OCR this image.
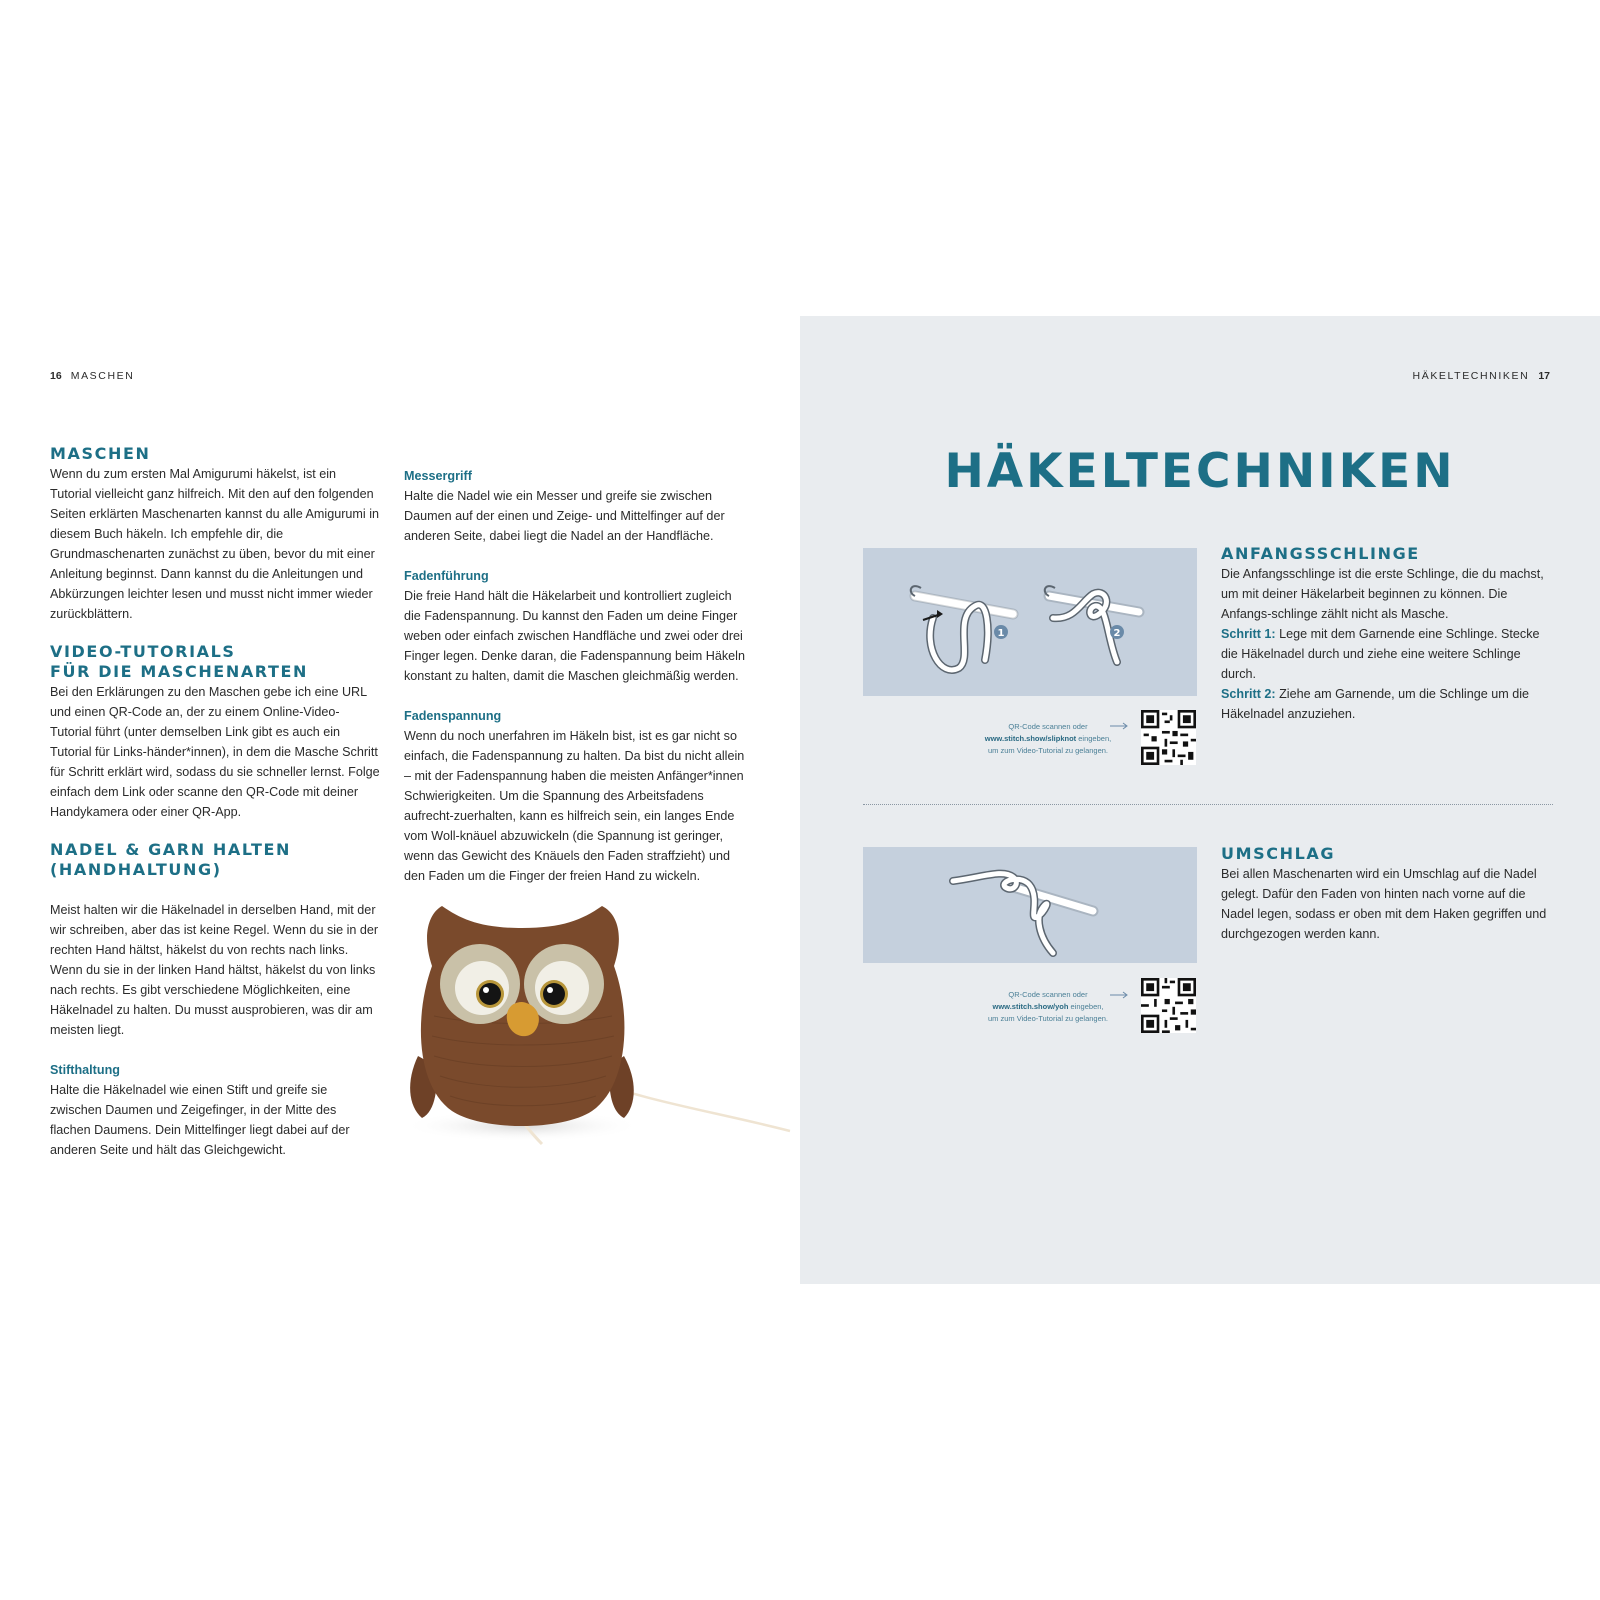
16 MASCHEN
MASCHEN

Wenn du zum ersten Mal Amigurumi häkelst, ist ein Tutorial vielleicht ganz hilfreich. Mit den auf den folgenden Seiten erklärten Maschenarten kannst du alle Amigurumi in diesem Buch häkeln. Ich empfehle dir, die Grundmaschenarten zunächst zu üben, bevor du mit einer Anleitung beginnst. Dann kannst du die Anleitungen und Abkürzungen leichter lesen und musst nicht immer wieder zurückblättern.

VIDEO-TUTORIALS
FÜR DIE MASCHENARTEN

Bei den Erklärungen zu den Maschen gebe ich eine URL und einen QR-Code an, der zu einem Online-Video-Tutorial führt (unter demselben Link gibt es auch ein Tutorial für Links-händer*innen), in dem die Masche Schritt für Schritt erklärt wird, sodass du sie schneller lernst. Folge einfach dem Link oder scanne den QR-Code mit deiner Handykamera oder einer QR-App.

NADEL & GARN HALTEN
(HANDHALTUNG)

Meist halten wir die Häkelnadel in derselben Hand, mit der wir schreiben, aber das ist keine Regel. Wenn du sie in der rechten Hand hältst, häkelst du von rechts nach links. Wenn du sie in der linken Hand hältst, häkelst du von links nach rechts. Es gibt verschiedene Möglichkeiten, eine Häkelnadel zu halten. Du musst ausprobieren, was dir am meisten liegt.

Stifthaltung

Halte die Häkelnadel wie einen Stift und greife sie zwischen Daumen und Zeigefinger, in der Mitte des flachen Daumens. Dein Mittelfinger liegt dabei auf der anderen Seite und hält das Gleichgewicht.

Messergriff

Halte die Nadel wie ein Messer und greife sie zwischen Daumen auf der einen und Zeige- und Mittelfinger auf der anderen Seite, dabei liegt die Nadel an der Handfläche.

Fadenführung

Die freie Hand hält die Häkelarbeit und kontrolliert zugleich die Fadenspannung. Du kannst den Faden um deine Finger weben oder einfach zwischen Handfläche und zwei oder drei Finger legen. Denke daran, die Fadenspannung beim Häkeln konstant zu halten, damit die Maschen gleichmäßig werden.

Fadenspannung

Wenn du noch unerfahren im Häkeln bist, ist es gar nicht so einfach, die Fadenspannung zu halten. Da bist du nicht allein – mit der Fadenspannung haben die meisten Anfänger*innen Schwierigkeiten. Um die Spannung des Arbeitsfadens aufrecht-zuerhalten, kann es hilfreich sein, ein langes Ende vom Woll-knäuel abzuwickeln (die Spannung ist geringer, wenn das Gewicht des Knäuels den Faden straffzieht) und den Faden um die Finger der freien Hand zu wickeln.

HÄKELTECHNIKEN 17
HÄKELTECHNIKEN
1	2
QR-Code scannen oder
www.stitch.show/slipknot eingeben,
um zum Video-Tutorial zu gelangen.
ANFANGSSCHLINGE

Die Anfangsschlinge ist die erste Schlinge, die du machst, um mit deiner Häkelarbeit beginnen zu können. Die Anfangs-schlinge zählt nicht als Masche.

Schritt 1: Lege mit dem Garnende eine Schlinge. Stecke die Häkelnadel durch und ziehe eine weitere Schlinge durch.

Schritt 2: Ziehe am Garnende, um die Schlinge um die Häkelnadel anzuziehen.

QR-Code scannen oder
www.stitch.show/yoh eingeben,
um zum Video-Tutorial zu gelangen.
UMSCHLAG

Bei allen Maschenarten wird ein Umschlag auf die Nadel gelegt. Dafür den Faden von hinten nach vorne auf die Nadel legen, sodass er oben mit dem Haken gegriffen und durchgezogen werden kann.
